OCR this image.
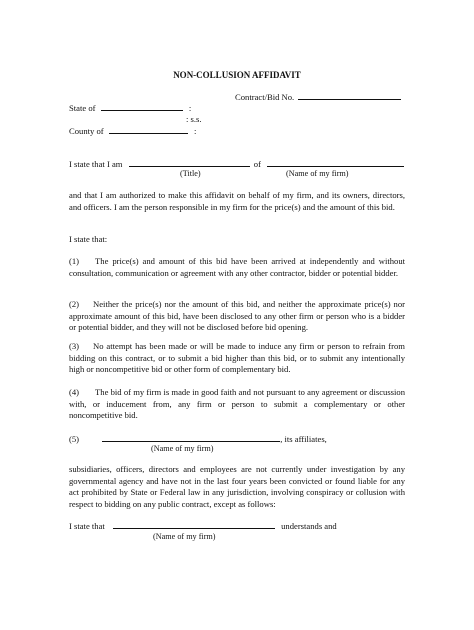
NON-COLLUSION AFFIDAVIT
Contract/Bid No.
State of	:
: s.s.
County of	:
I state that I am	of
(Title)	(Name of my firm)
and that I am authorized to make this affidavit on behalf of my firm, and its owners, directors, and officers. I am the person responsible in my firm for the price(s) and the amount of this bid.
I state that:
(1) The price(s) and amount of this bid have been arrived at independently and without consultation, communication or agreement with any other contractor, bidder or potential bidder.
(2) Neither the price(s) nor the amount of this bid, and neither the approximate price(s) nor approximate amount of this bid, have been disclosed to any other firm or person who is a bidder or potential bidder, and they will not be disclosed before bid opening.
(3) No attempt has been made or will be made to induce any firm or person to refrain from bidding on this contract, or to submit a bid higher than this bid, or to submit any intentionally high or noncompetitive bid or other form of complementary bid.
(4) The bid of my firm is made in good faith and not pursuant to any agreement or discussion with, or inducement from, any firm or person to submit a complementary or other noncompetitive bid.
(5)	, its affiliates,
(Name of my firm)
subsidiaries, officers, directors and employees are not currently under investigation by any governmental agency and have not in the last four years been convicted or found liable for any act prohibited by State or Federal law in any jurisdiction, involving conspiracy or collusion with respect to bidding on any public contract, except as follows:
I state that	understands and
(Name of my firm)
